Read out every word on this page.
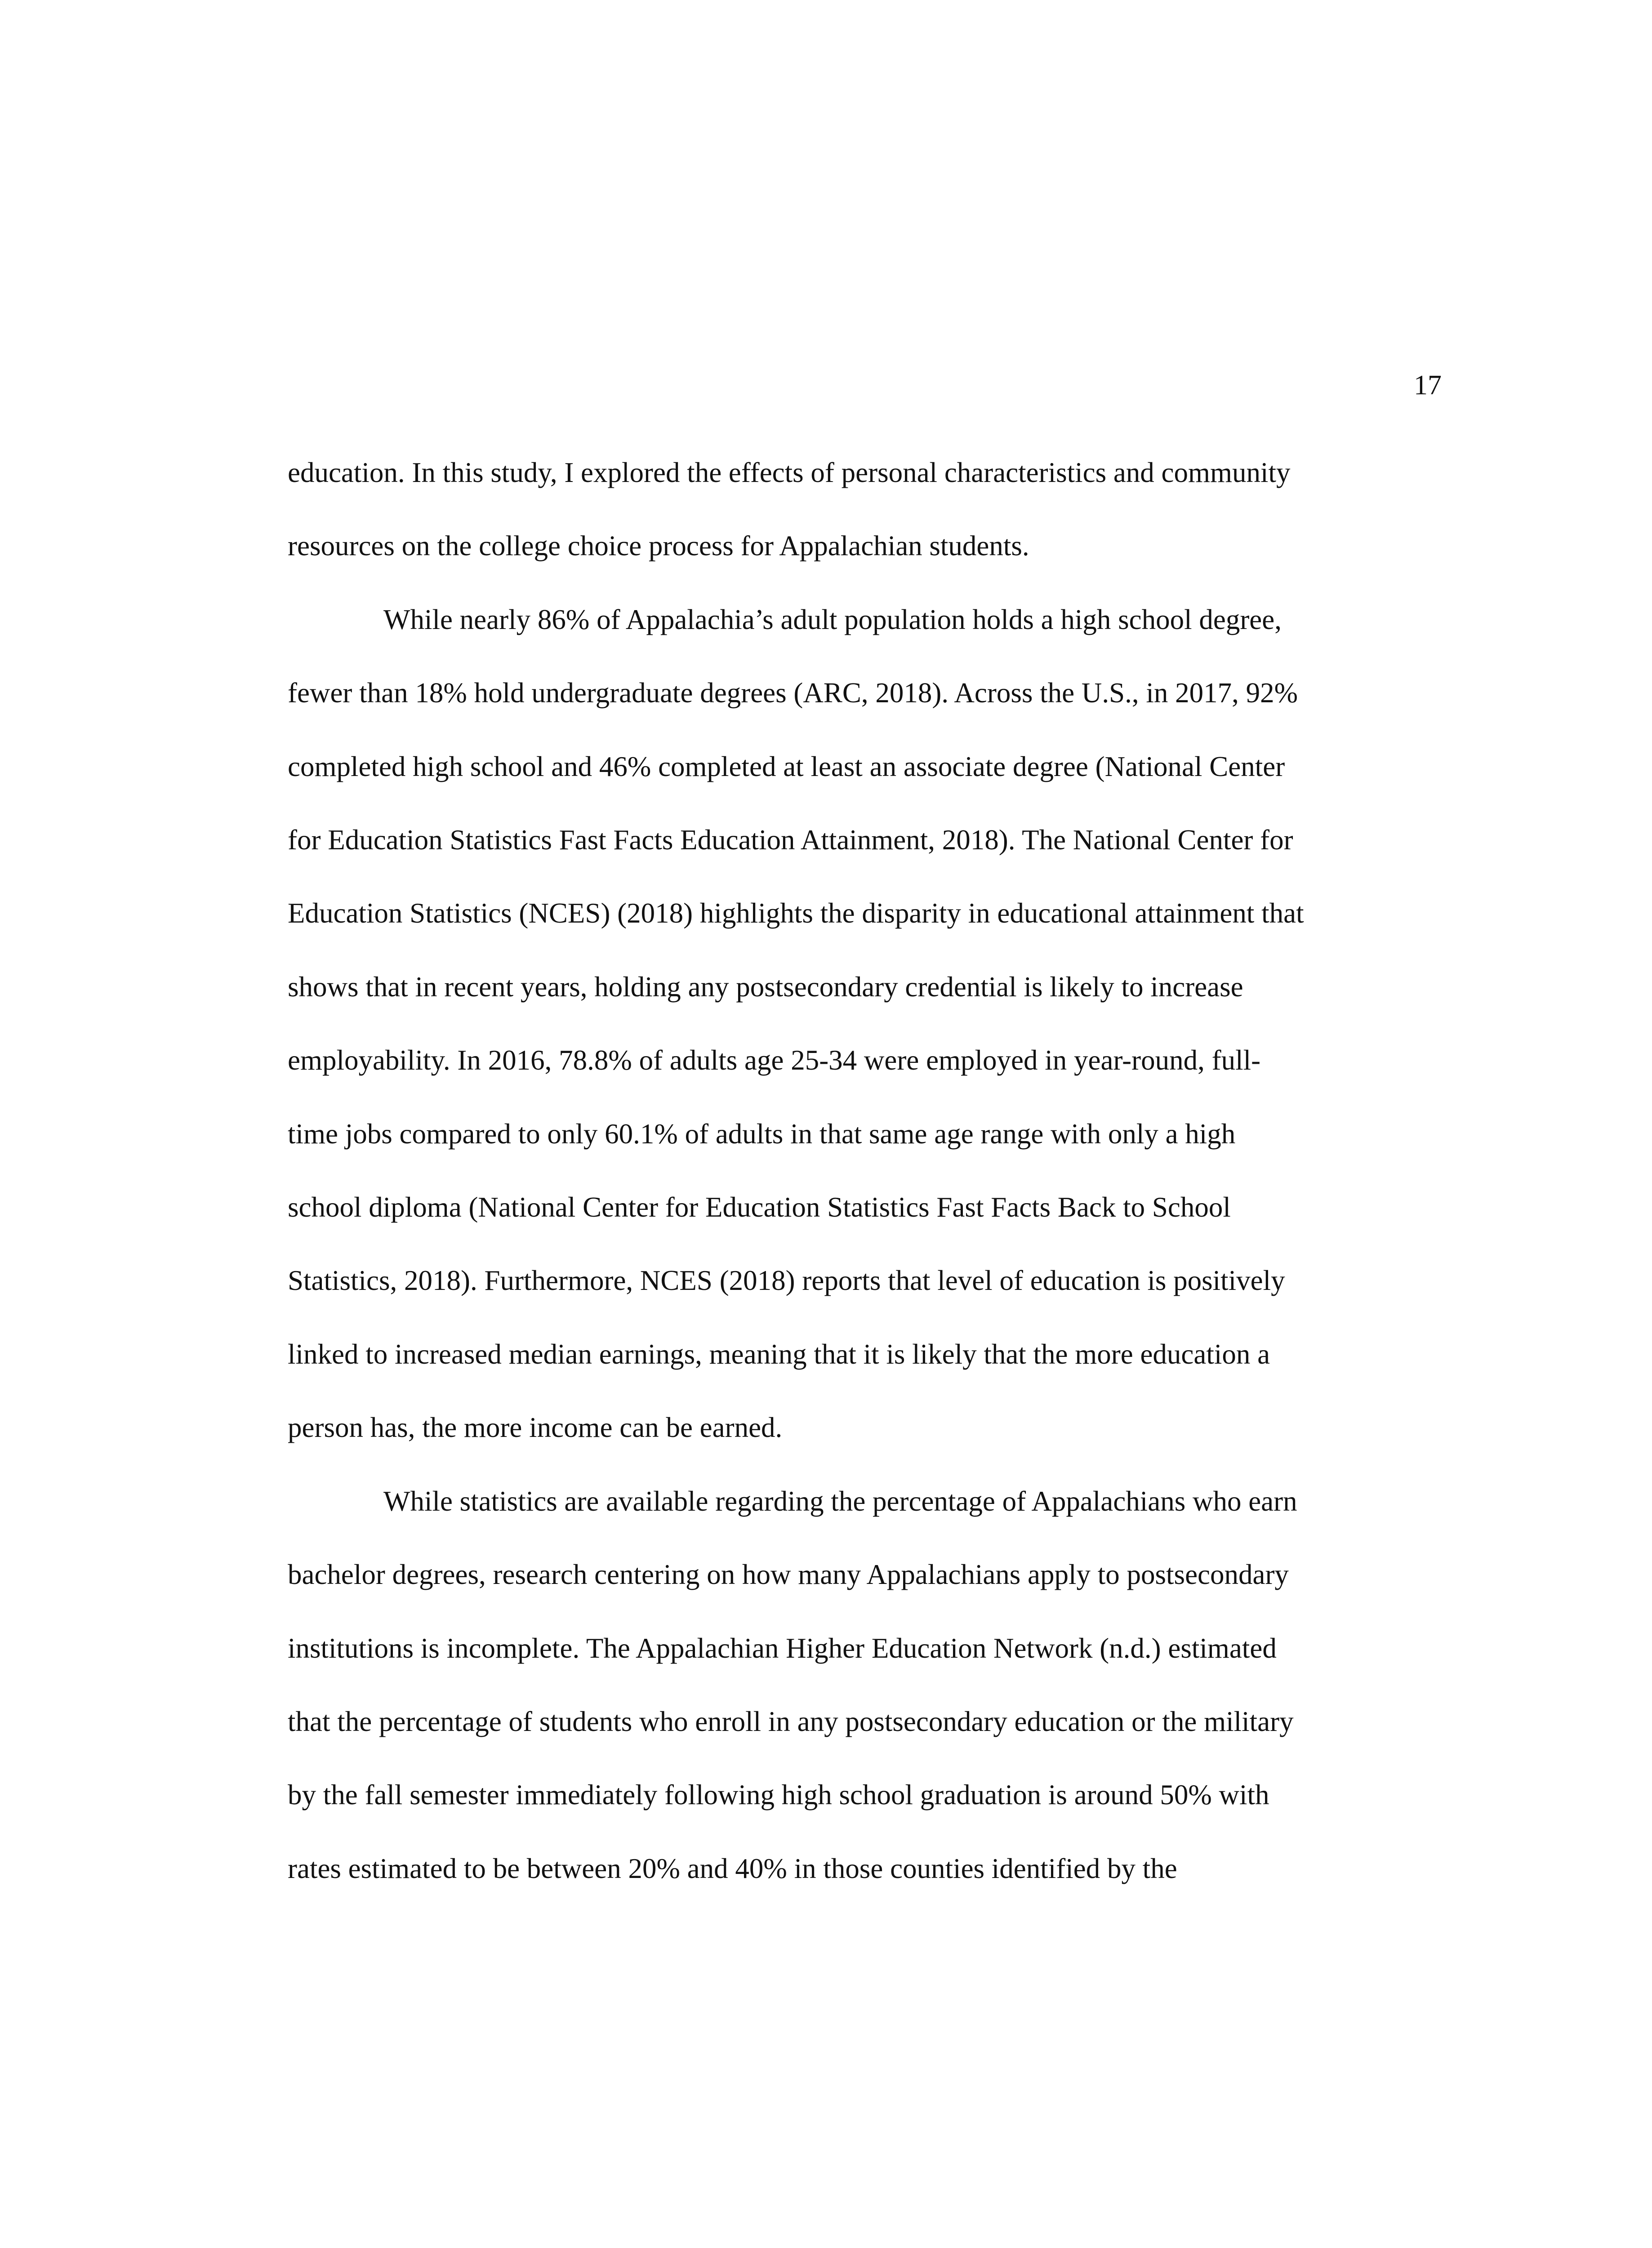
17
education. In this study, I explored the effects of personal characteristics and community
resources on the college choice process for Appalachian students.
While nearly 86% of Appalachia’s adult population holds a high school degree,
fewer than 18% hold undergraduate degrees (ARC, 2018). Across the U.S., in 2017, 92%
completed high school and 46% completed at least an associate degree (National Center
for Education Statistics Fast Facts Education Attainment, 2018). The National Center for
Education Statistics (NCES) (2018) highlights the disparity in educational attainment that
shows that in recent years, holding any postsecondary credential is likely to increase
employability. In 2016, 78.8% of adults age 25-34 were employed in year-round, full-
time jobs compared to only 60.1% of adults in that same age range with only a high
school diploma (National Center for Education Statistics Fast Facts Back to School
Statistics, 2018). Furthermore, NCES (2018) reports that level of education is positively
linked to increased median earnings, meaning that it is likely that the more education a
person has, the more income can be earned.
While statistics are available regarding the percentage of Appalachians who earn
bachelor degrees, research centering on how many Appalachians apply to postsecondary
institutions is incomplete. The Appalachian Higher Education Network (n.d.) estimated
that the percentage of students who enroll in any postsecondary education or the military
by the fall semester immediately following high school graduation is around 50% with
rates estimated to be between 20% and 40% in those counties identified by the
